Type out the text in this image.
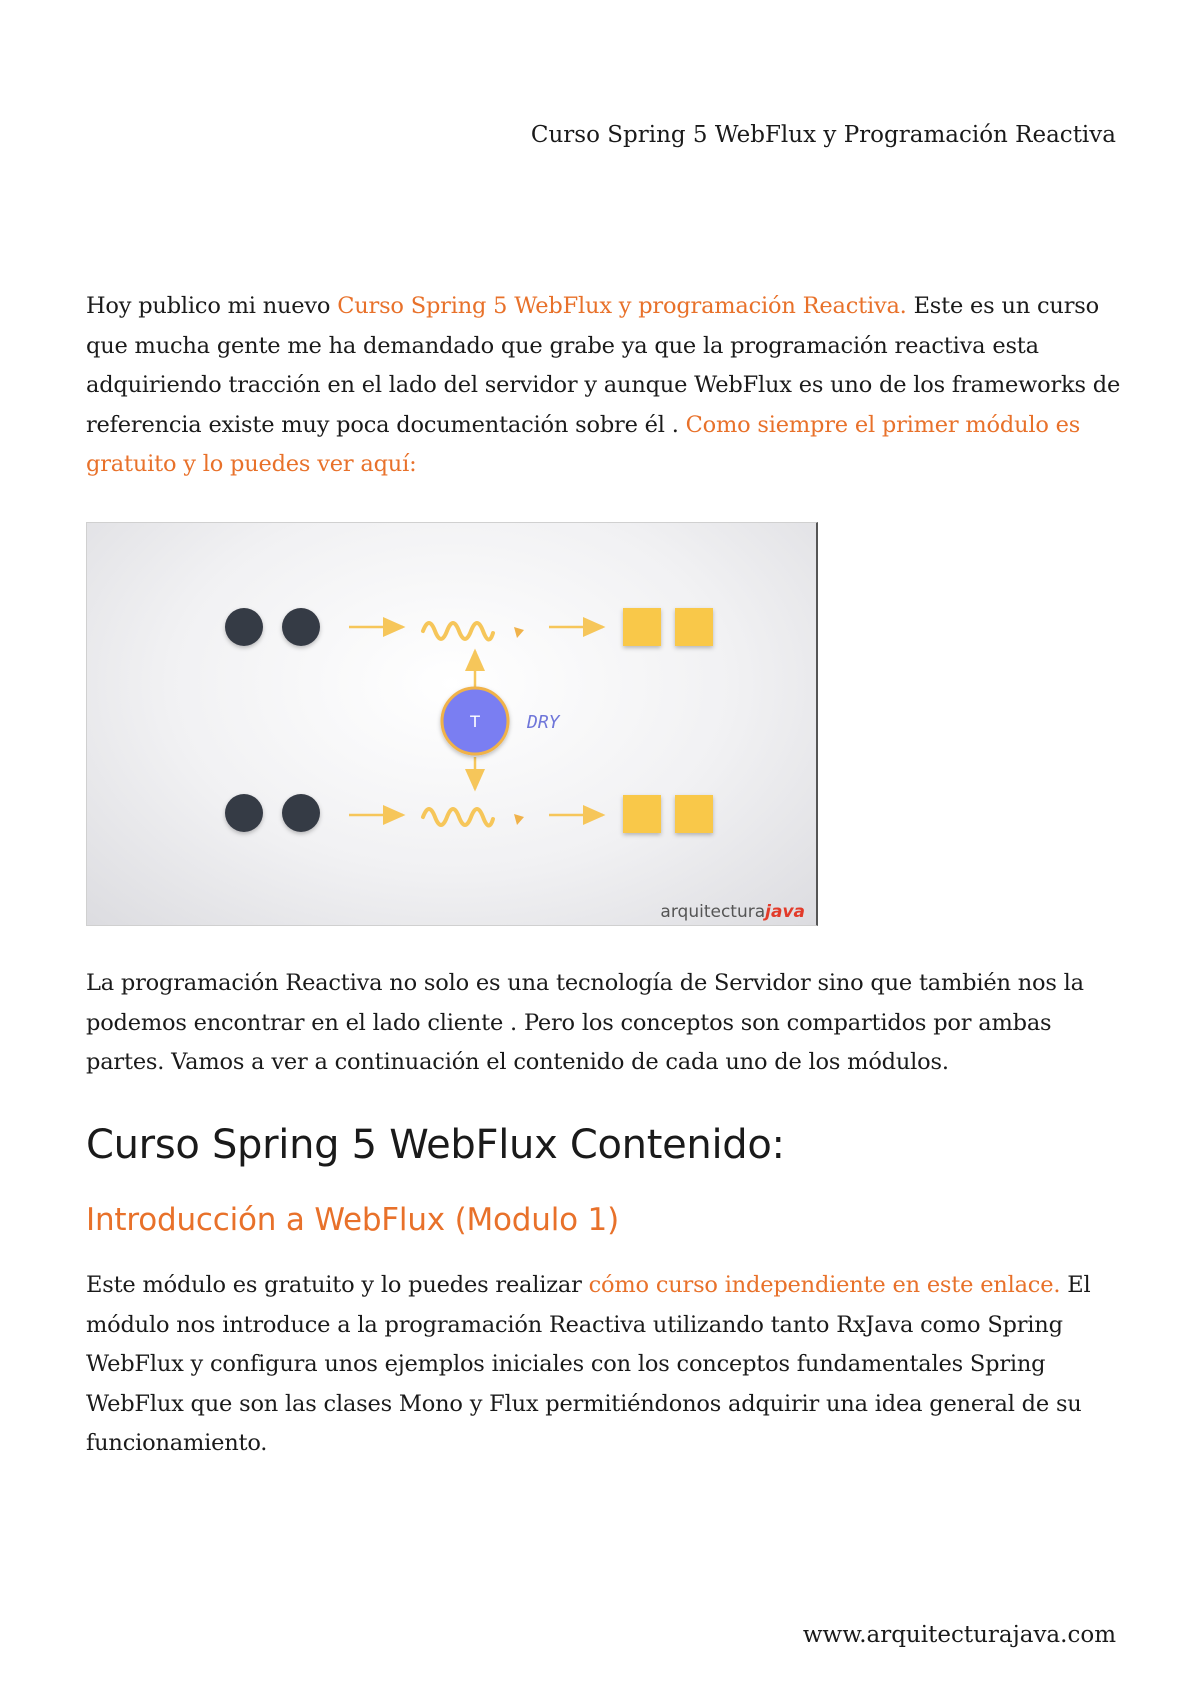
Curso Spring 5 WebFlux y Programación Reactiva
Hoy publico mi nuevo Curso Spring 5 WebFlux y programación Reactiva. Este es un curso que mucha gente me ha demandado que grabe ya que la programación reactiva esta adquiriendo tracción en el lado del servidor y aunque WebFlux es uno de los frameworks de referencia existe muy poca documentación sobre él . Como siempre el primer módulo es gratuito y lo puedes ver aquí:
T	DRY
arquitecturajava
La programación Reactiva no solo es una tecnología de Servidor sino que también nos la podemos encontrar en el lado cliente . Pero los conceptos son compartidos por ambas partes. Vamos a ver a continuación el contenido de cada uno de los módulos.
Curso Spring 5 WebFlux Contenido:
Introducción a WebFlux (Modulo 1)
Este módulo es gratuito y lo puedes realizar cómo curso independiente en este enlace. El módulo nos introduce a la programación Reactiva utilizando tanto RxJava como Spring WebFlux y configura unos ejemplos iniciales con los conceptos fundamentales Spring WebFlux que son las clases Mono y Flux permitiéndonos adquirir una idea general de su funcionamiento.
www.arquitecturajava.com
